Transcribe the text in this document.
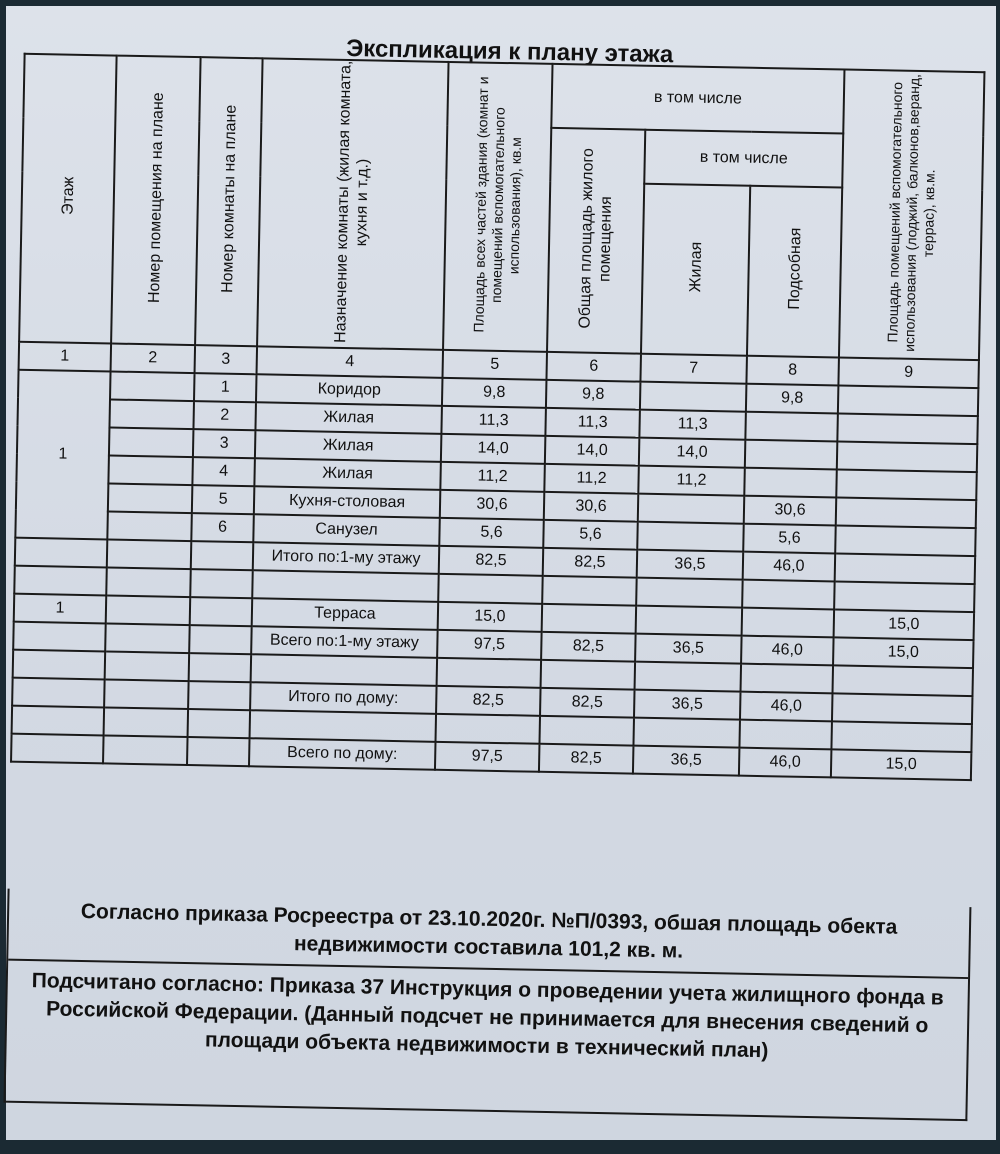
Экспликация к плану этажа
Этаж	Номер помещения на плане	Номер комнаты на плане	Назначение комнаты (жилая комната, кухня и т.д.)	Площадь всех частей здания (комнат и помещений вспомогательного использования), кв.м	в том числе			Площадь помещений вспомогательного использования (лоджий, балконов,веранд, террас), кв.м.
					Общая площадь жилого помещения	в том числе		
						Жилая	Подсобная	
1	2	3	4	5	6	7	8	9
1		1	Коридор	9,8	9,8		9,8	
		2	Жилая	11,3	11,3	11,3		
		3	Жилая	14,0	14,0	14,0		
		4	Жилая	11,2	11,2	11,2		
		5	Кухня-столовая	30,6	30,6		30,6	
		6	Санузел	5,6	5,6		5,6	
			Итого по:1-му этажу	82,5	82,5	36,5	46,0	

1			Терраса	15,0				15,0
			Всего по:1-му этажу	97,5	82,5	36,5	46,0	15,0

			Итого по дому:	82,5	82,5	36,5	46,0	

			Всего по дому:	97,5	82,5	36,5	46,0	15,0
Согласно приказа Росреестра от 23.10.2020г. №П/0393, обшая площадь обекта недвижимости составила 101,2 кв. м.
Подсчитано согласно: Приказа 37 Инструкция о проведении учета жилищного фонда в Российской Федерации. (Данный подсчет не принимается для внесения сведений о площади объекта недвижимости в технический план)
